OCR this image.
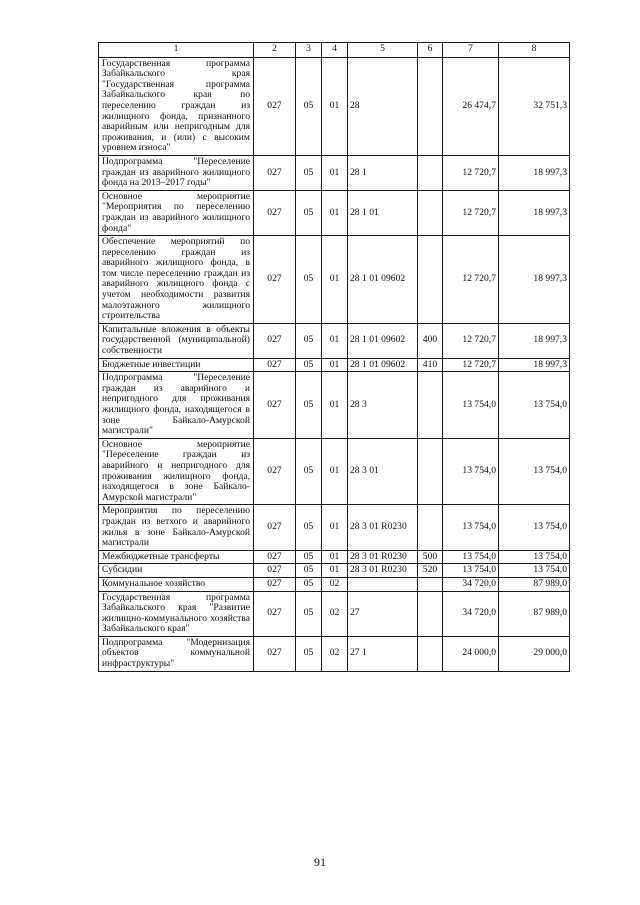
1	2	3	4	5	6	7	8
Государственная программа Забайкальского края "Государственная программа Забайкальского края по переселению граждан из жилищного фонда, признанного аварийным или непригодным для проживания, и (или) с высоким уровнем износа"	027	05	01	28		26 474,7	32 751,3
Подпрограмма "Переселение граждан из аварийного жилищного фонда на 2013–2017 годы"	027	05	01	28 1		12 720,7	18 997,3
Основное мероприятие "Мероприятия по переселению граждан из аварийного жилищного фонда"	027	05	01	28 1 01		12 720,7	18 997,3
Обеспечение мероприятий по переселению граждан из аварийного жилищного фонда, в том числе переселению граждан из аварийного жилищного фонда с учетом необходимости развития малоэтажного жилищного строительства	027	05	01	28 1 01 09602		12 720,7	18 997,3
Капитальные вложения в объекты государственной (муниципальной) собственности	027	05	01	28 1 01 09602	400	12 720,7	18 997,3
Бюджетные инвестиции	027	05	01	28 1 01 09602	410	12 720,7	18 997,3
Подпрограмма "Переселение граждан из аварийного и непригодного для проживания жилищного фонда, находящегося в зоне Байкало-Амурской магистрали"	027	05	01	28 3		13 754,0	13 754,0
Основное мероприятие "Переселение граждан из аварийного и непригодного для проживания жилищного фонда, находящегося в зоне Байкало-Амурской магистрали"	027	05	01	28 3 01		13 754,0	13 754,0
Мероприятия по переселению граждан из ветхого и аварийного жилья в зоне Байкало-Амурской магистрали	027	05	01	28 3 01 R0230		13 754,0	13 754,0
Межбюджетные трансферты	027	05	01	28 3 01 R0230	500	13 754,0	13 754,0
Субсидии	027	05	01	28 3 01 R0230	520	13 754,0	13 754,0
Коммунальное хозяйство	027	05	02			34 720,0	87 989,0
Государственная программа Забайкальского края "Развитие жилищно-коммунального хозяйства Забайкальского края"	027	05	02	27		34 720,0	87 989,0
Подпрограмма "Модернизация объектов коммунальной инфраструктуры"	027	05	02	27 1		24 000,0	29 000,0
91
